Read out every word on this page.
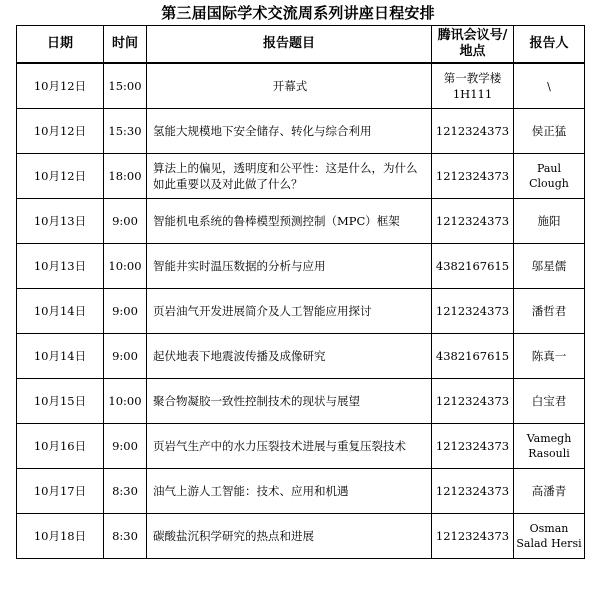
第三届国际学术交流周系列讲座日程安排
日期	时间	报告题目	腾讯会议号/地点	报告人
10月12日	15:00	开幕式	第一教学楼 1H111	\
10月12日	15:30	氢能大规模地下安全储存、转化与综合利用	1212324373	侯正猛
10月12日	18:00	算法上的偏见，透明度和公平性：这是什么，为什么如此重要以及对此做了什么？	1212324373	Paul Clough
10月13日	9:00	智能机电系统的鲁棒模型预测控制（MPC）框架	1212324373	施阳
10月13日	10:00	智能井实时温压数据的分析与应用	4382167615	邬星儒
10月14日	9:00	页岩油气开发进展简介及人工智能应用探讨	1212324373	潘哲君
10月14日	9:00	起伏地表下地震波传播及成像研究	4382167615	陈真一
10月15日	10:00	聚合物凝胶一致性控制技术的现状与展望	1212324373	白宝君
10月16日	9:00	页岩气生产中的水力压裂技术进展与重复压裂技术	1212324373	Vamegh Rasouli
10月17日	8:30	油气上游人工智能：技术、应用和机遇	1212324373	高潘青
10月18日	8:30	碳酸盐沉积学研究的热点和进展	1212324373	Osman Salad Hersi
